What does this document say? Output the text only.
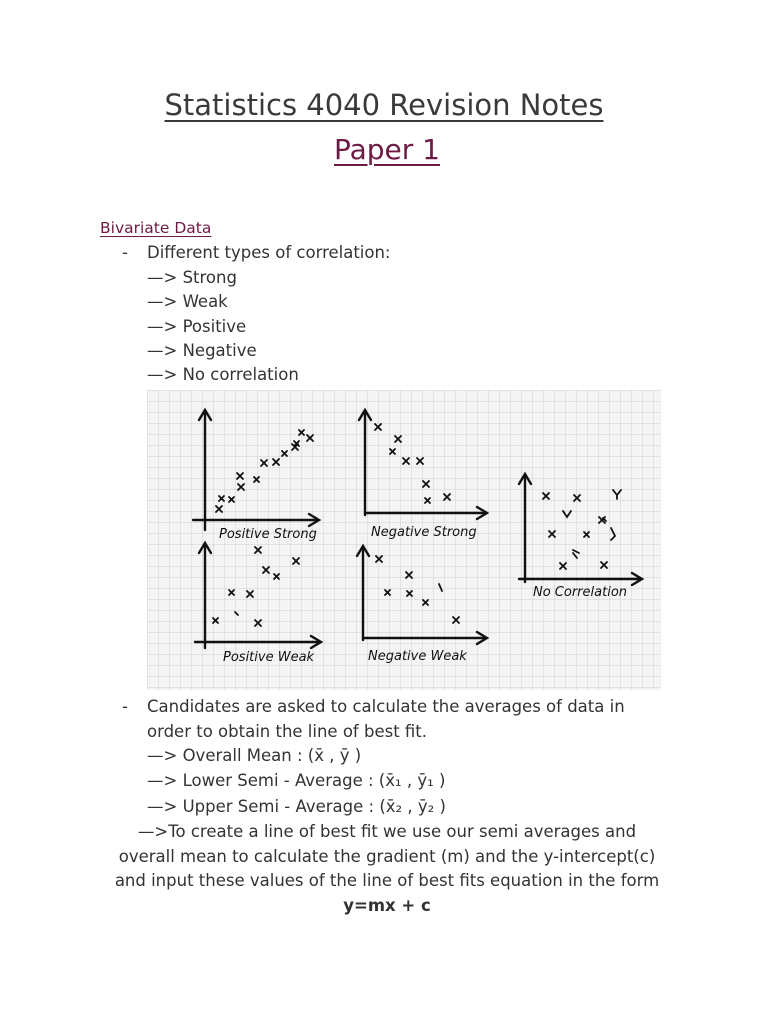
Statistics 4040 Revision Notes
Paper 1
Bivariate Data
- Different types of correlation:
—> Strong
—> Weak
—> Positive
—> Negative
—> No correlation
Positive Strong	Negative Strong
No Correlation
Positive Weak	Negative Weak
- Candidates are asked to calculate the averages of data in
order to obtain the line of best fit.
—> Overall Mean : (x̄ , ȳ )
—> Lower Semi - Average : (x̄₁ , ȳ₁ )
—> Upper Semi - Average : (x̄₂ , ȳ₂ )
—>To create a line of best fit we use our semi averages and
overall mean to calculate the gradient (m) and the y-intercept(c)
and input these values of the line of best fits equation in the form
y=mx + c
